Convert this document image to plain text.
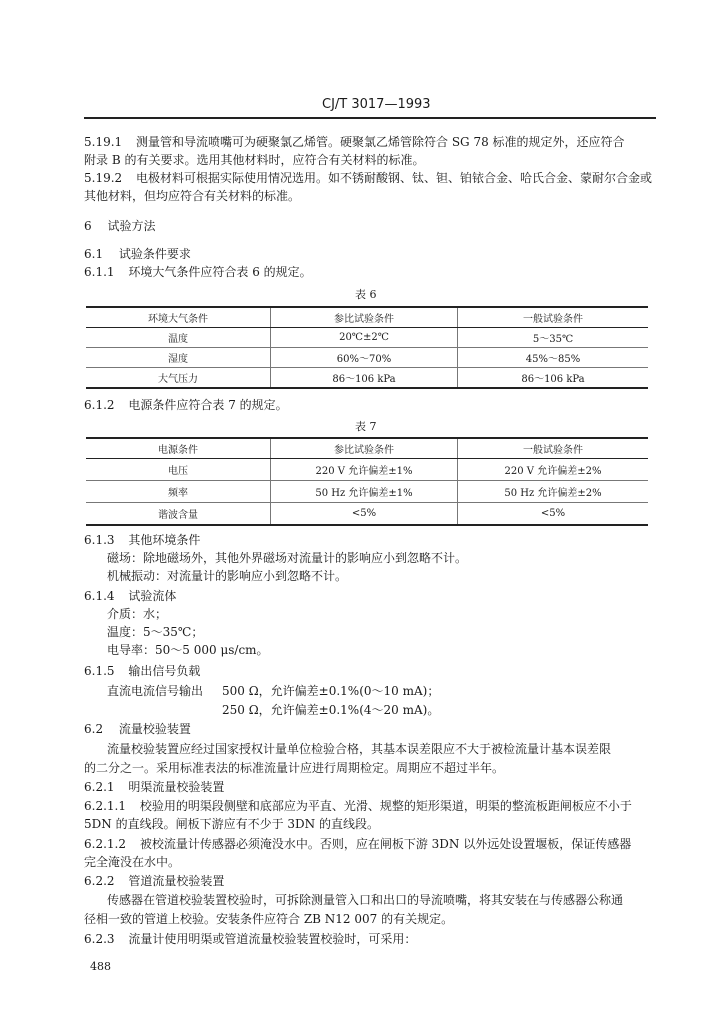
CJ/T 3017—1993
5.19.1 测量管和导流喷嘴可为硬聚氯乙烯管。硬聚氯乙烯管除符合 SG 78 标准的规定外，还应符合
附录 B 的有关要求。选用其他材料时，应符合有关材料的标准。
5.19.2 电极材料可根据实际使用情况选用。如不锈耐酸钢、钛、钽、铂铱合金、哈氏合金、蒙耐尔合金或
其他材料，但均应符合有关材料的标准。
6 试验方法
6.1 试验条件要求
6.1.1 环境大气条件应符合表 6 的规定。
表 6
环境大气条件	参比试验条件	一般试验条件
温度	20℃±2℃	5～35℃
湿度	60%～70%	45%～85%
大气压力	86～106 kPa	86～106 kPa
6.1.2 电源条件应符合表 7 的规定。
表 7
电源条件	参比试验条件	一般试验条件
电压	220 V 允许偏差±1%	220 V 允许偏差±2%
频率	50 Hz 允许偏差±1%	50 Hz 允许偏差±2%
谐波含量	<5%	<5%
6.1.3 其他环境条件
磁场：除地磁场外，其他外界磁场对流量计的影响应小到忽略不计。
机械振动：对流量计的影响应小到忽略不计。
6.1.4 试验流体
介质：水；
温度：5～35℃；
电导率：50～5 000 μs/cm。
6.1.5 输出信号负载
直流电流信号输出 500 Ω，允许偏差±0.1%(0～10 mA)；
250 Ω，允许偏差±0.1%(4～20 mA)。
6.2 流量校验装置
流量校验装置应经过国家授权计量单位检验合格，其基本误差限应不大于被检流量计基本误差限
的二分之一。采用标准表法的标准流量计应进行周期检定。周期应不超过半年。
6.2.1 明渠流量校验装置
6.2.1.1 校验用的明渠段侧壁和底部应为平直、光滑、规整的矩形渠道，明渠的整流板距闸板应不小于
5DN 的直线段。闸板下游应有不少于 3DN 的直线段。
6.2.1.2 被校流量计传感器必须淹没水中。否则，应在闸板下游 3DN 以外远处设置堰板，保证传感器
完全淹没在水中。
6.2.2 管道流量校验装置
传感器在管道校验装置校验时，可拆除测量管入口和出口的导流喷嘴，将其安装在与传感器公称通
径相一致的管道上校验。安装条件应符合 ZB N12 007 的有关规定。
6.2.3 流量计使用明渠或管道流量校验装置校验时，可采用：
488
